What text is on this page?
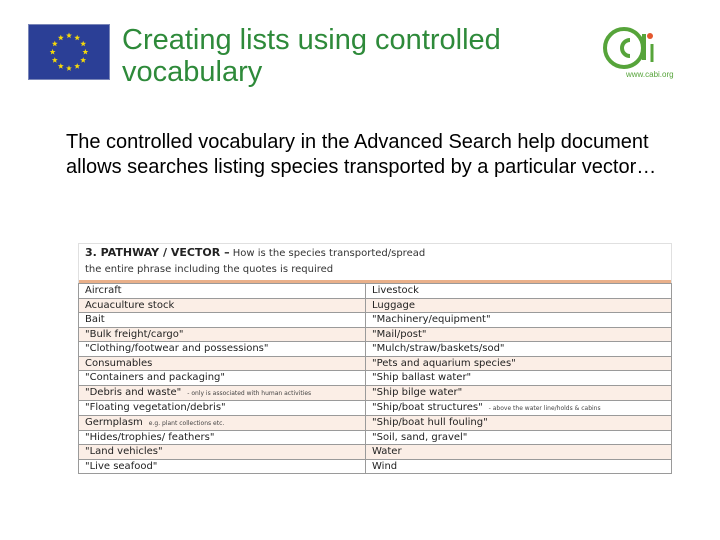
Creating lists using controlled vocabulary	www.cabi.org
The controlled vocabulary in the Advanced Search help document allows searches listing species transported by a particular vector…
3. PATHWAY / VECTOR – How is the species transported/spread
the entire phrase including the quotes is required
Aircraft	Livestock
Acuaculture stock	Luggage
Bait	"Machinery/equipment"
"Bulk freight/cargo"	"Mail/post"
"Clothing/footwear and possessions"	"Mulch/straw/baskets/sod"
Consumables	"Pets and aquarium species"
"Containers and packaging"	"Ship ballast water"
"Debris and waste" - only is associated with human activities	"Ship bilge water"
"Floating vegetation/debris"	"Ship/boat structures" - above the water line/holds & cabins
Germplasm e.g. plant collections etc.	"Ship/boat hull fouling"
"Hides/trophies/ feathers"	"Soil, sand, gravel"
"Land vehicles"	Water
"Live seafood"	Wind
